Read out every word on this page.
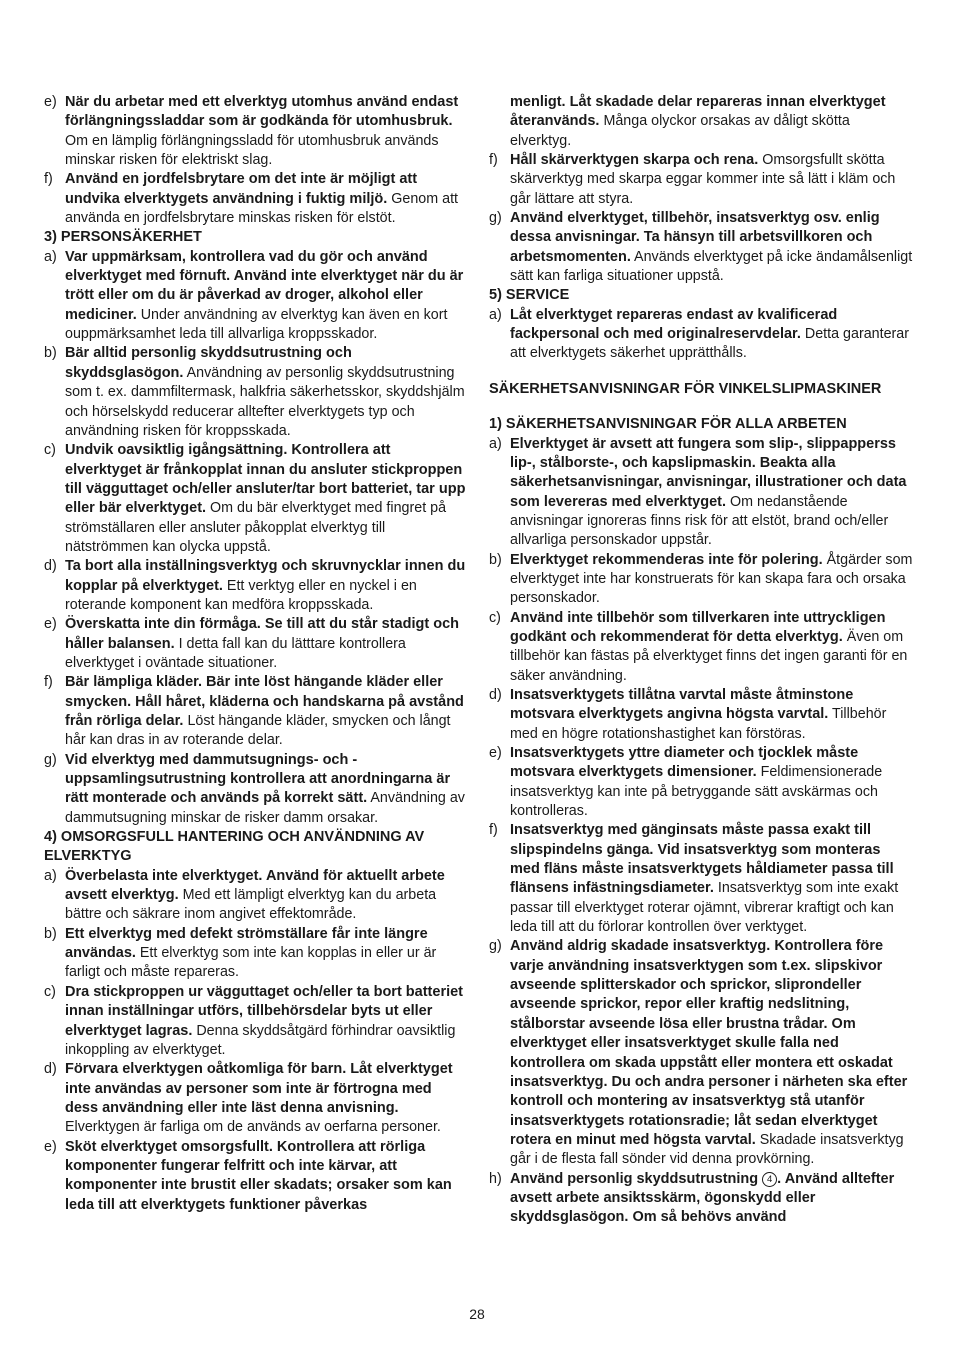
e) När du arbetar med ett elverktyg utomhus använd endast förlängningssladdar som är godkända för utomhusbruk. Om en lämplig förlängningssladd för utomhusbruk används minskar risken för elektriskt slag.
f) Använd en jordfelsbrytare om det inte är möjligt att undvika elverktygets användning i fuktig miljö. Genom att använda en jordfelsbrytare minskas risken för elstöt.
3) PERSONSÄKERHET
a) Var uppmärksam, kontrollera vad du gör och använd elverktyget med förnuft. Använd inte elverktyget när du är trött eller om du är påverkad av droger, alkohol eller mediciner. Under användning av elverktyg kan även en kort ouppmärksamhet leda till allvarliga kroppsskador.
b) Bär alltid personlig skyddsutrustning och skyddsglasögon. Användning av personlig skyddsutrustning som t. ex. dammfiltermask, halkfria säkerhetsskor, skyddshjälm och hörselskydd reducerar alltefter elverktygets typ och användning risken för kroppsskada.
c) Undvik oavsiktlig igångsättning. Kontrollera att elverktyget är frånkopplat innan du ansluter stickproppen till vägguttaget och/eller ansluter/tar bort batteriet, tar upp eller bär elverktyget. Om du bär elverktyget med fingret på strömställaren eller ansluter påkopplat elverktyg till nätströmmen kan olycka uppstå.
d) Ta bort alla inställningsverktyg och skruvnycklar innen du kopplar på elverktyget. Ett verktyg eller en nyckel i en roterande komponent kan medföra kroppsskada.
e) Överskatta inte din förmåga. Se till att du står stadigt och håller balansen. I detta fall kan du lätttare kontrollera elverktyget i oväntade situationer.
f) Bär lämpliga kläder. Bär inte löst hängande kläder eller smycken. Håll håret, kläderna och handskarna på avstånd från rörliga delar. Löst hängande kläder, smycken och långt hår kan dras in av roterande delar.
g) Vid elverktyg med dammutsugnings- och -uppsamlingsutrustning kontrollera att anordningarna är rätt monterade och används på korrekt sätt. Användning av dammutsugning minskar de risker damm orsakar.
4) OMSORGSFULL HANTERING OCH ANVÄNDNING AV ELVERKTYG
a) Överbelasta inte elverktyget. Använd för aktuellt arbete avsett elverktyg. Med ett lämpligt elverktyg kan du arbeta bättre och säkrare inom angivet effektområde.
b) Ett elverktyg med defekt strömställare får inte längre användas. Ett elverktyg som inte kan kopplas in eller ur är farligt och måste repareras.
c) Dra stickproppen ur vägguttaget och/eller ta bort batteriet innan inställningar utförs, tillbehörsdelar byts ut eller elverktyget lagras. Denna skyddsåtgärd förhindrar oavsiktlig inkoppling av elverktyget.
d) Förvara elverktygen oåtkomliga för barn. Låt elverktyget inte användas av personer som inte är förtrogna med dess användning eller inte läst denna anvisning. Elverktygen är farliga om de används av oerfarna personer.
e) Sköt elverktyget omsorgsfullt. Kontrollera att rörliga komponenter fungerar felfritt och inte kärvar, att komponenter inte brustit eller skadats; orsaker som kan leda till att elverktygets funktioner påverkas
menligt. Låt skadade delar repareras innan elverktyget återanvänds. Många olyckor orsakas av dåligt skötta elverktyg.
f) Håll skärverktygen skarpa och rena. Omsorgsfullt skötta skärverktyg med skarpa eggar kommer inte så lätt i kläm och går lättare att styra.
g) Använd elverktyget, tillbehör, insatsverktyg osv. enlig dessa anvisningar. Ta hänsyn till arbetsvillkoren och arbetsmomenten. Används elverktyget på icke ändamålsenligt sätt kan farliga situationer uppstå.
5) SERVICE
a) Låt elverktyget repareras endast av kvalificerad fackpersonal och med originalreservdelar. Detta garanterar att elverktygets säkerhet upprätthålls.
SÄKERHETSANVISNINGAR FÖR VINKELSLIPMASKINER
1) SÄKERHETSANVISNINGAR FÖR ALLA ARBETEN
a) Elverktyget är avsett att fungera som slip-, slippapperss lip-, stålborste-, och kapslipmaskin. Beakta alla säkerhetsanvisningar, anvisningar, illustrationer och data som levereras med elverktyget. Om nedanstående anvisningar ignoreras finns risk för att elstöt, brand och/eller allvarliga personskador uppstår.
b) Elverktyget rekommenderas inte för polering. Åtgärder som elverktyget inte har konstruerats för kan skapa fara och orsaka personskador.
c) Använd inte tillbehör som tillverkaren inte uttryckligen godkänt och rekommenderat för detta elverktyg. Även om tillbehör kan fästas på elverktyget finns det ingen garanti för en säker användning.
d) Insatsverktygets tillåtna varvtal måste åtminstone motsvara elverktygets angivna högsta varvtal. Tillbehör med en högre rotationshastighet kan förstöras.
e) Insatsverktygets yttre diameter och tjocklek måste motsvara elverktygets dimensioner. Feldimensionerade insatsverktyg kan inte på betryggande sätt avskärmas och kontrolleras.
f) Insatsverktyg med gänginsats måste passa exakt till slipspindelns gänga. Vid insatsverktyg som monteras med fläns måste insatsverktygets håldiameter passa till flänsens infästningsdiameter. Insatsverktyg som inte exakt passar till elverktyget roterar ojämnt, vibrerar kraftigt och kan leda till att du förlorar kontrollen över verktyget.
g) Använd aldrig skadade insatsverktyg. Kontrollera före varje användning insatsverktygen som t.ex. slipskivor avseende splitterskador och sprickor, sliprondeller avseende sprickor, repor eller kraftig nedslitning, stålborstar avseende lösa eller brustna trådar. Om elverktyget eller insatsverktyget skulle falla ned kontrollera om skada uppstått eller montera ett oskadat insatsverktyg. Du och andra personer i närheten ska efter kontroll och montering av insatsverktyg stå utanför insatsverktygets rotationsradie; låt sedan elverktyget rotera en minut med högsta varvtal. Skadade insatsverktyg går i de flesta fall sönder vid denna provkörning.
h) Använd personlig skyddsutrustning 4 . Använd alltefter avsett arbete ansiktsskärm, ögonskydd eller skyddsglasögon. Om så behövs använd
28
